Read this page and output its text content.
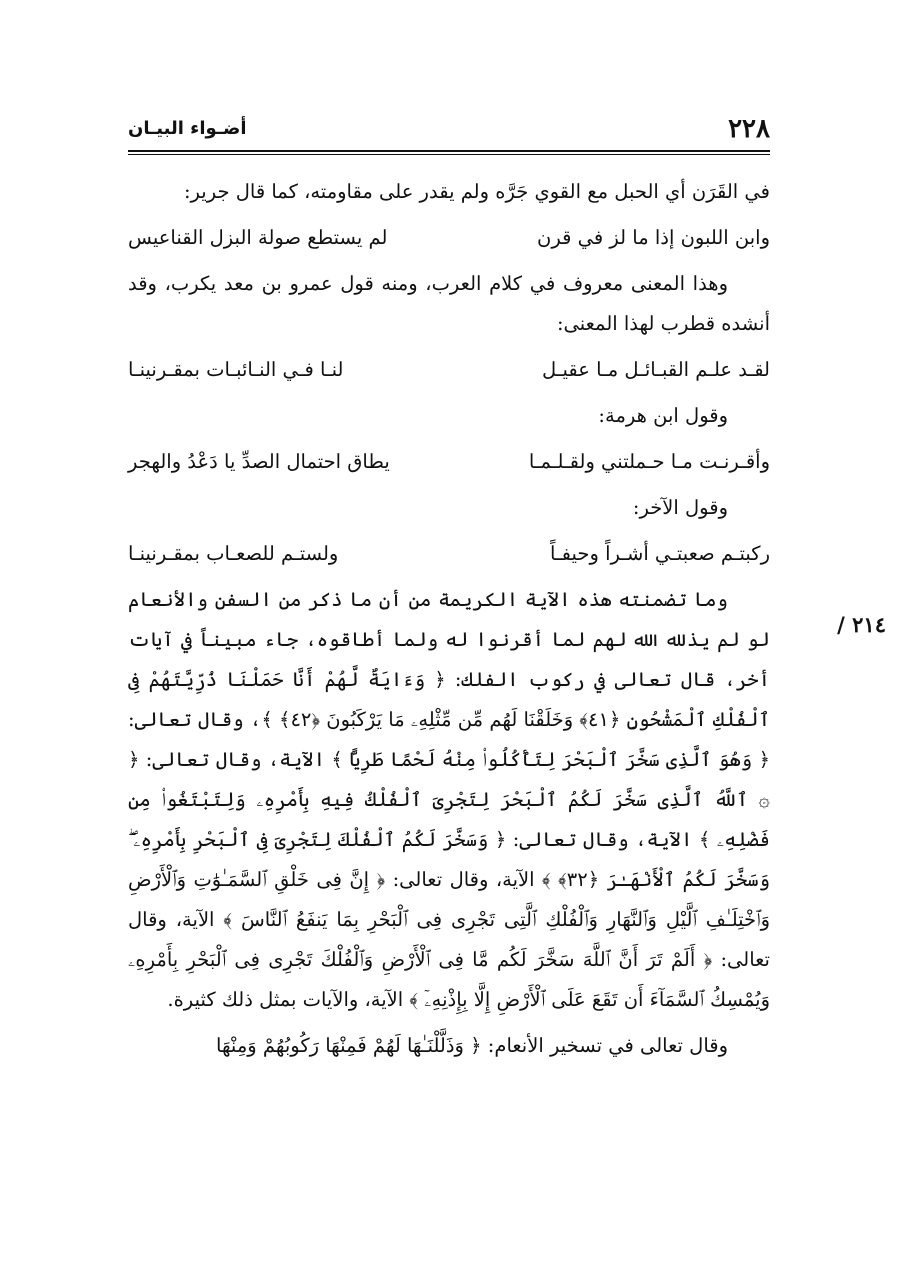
٢٢٨
أضـواء البيـان
٢١٤ /

في القَرَن أي الحبل مع القوي جَرَّه ولم يقدر على مقاومته، كما قال جرير:

وابن اللبون إذا ما لز في قرن
لم يستطع صولة البزل القناعيس

وهذا المعنى معروف في كلام العرب، ومنه قول عمرو بن معد يكرب، وقد أنشده قطرب لهذا المعنى:

لقـد علـم القبـائـل مـا عقيـل
لنـا فـي النـائبـات بمقـرنينـا

وقول ابن هرمة:

وأقـرنـت مـا حـملتني ولقـلـمـا
يطاق احتمال الصدِّ يا دَعْدُ والهجر

وقول الآخر:

ركبتـم صعبتـي أشـراً وحيفـاً
ولستـم للصعـاب بمقـرنينـا

وما تضمنته هذه الآية الكريمة من أن ما ذكر من السفن والأنعام لو لم يذلله الله لهم لما أقرنوا له ولما أطاقوه، جاء مبيناً في آيات أخر، قال تعالى في ركوب الفلك: ﴿ وَءَايَةٌ لَّهُمْ أَنَّا حَمَلْنَا ذُرِّيَّتَهُمْ فِى ٱلْفُلْكِ ٱلْمَشْحُونِ ﴿٤١﴾ وَخَلَقْنَا لَهُم مِّن مِّثْلِهِۦ مَا يَرْكَبُونَ ﴿٤٢﴾ ﴾، وقال تعالى: ﴿ وَهُوَ ٱلَّذِى سَخَّرَ ٱلْبَحْرَ لِتَأْكُلُوا۟ مِنْهُ لَحْمًا طَرِيًّا ﴾ الآية، وقال تعالى: ﴿ ۞ ٱللَّهُ ٱلَّذِى سَخَّرَ لَكُمُ ٱلْبَحْرَ لِتَجْرِىَ ٱلْفُلْكُ فِيهِ بِأَمْرِهِۦ وَلِتَبْتَغُوا۟ مِن فَضْلِهِۦ ﴾ الآية، وقال تعالى: ﴿ وَسَخَّرَ لَكُمُ ٱلْفُلْكَ لِتَجْرِىَ فِى ٱلْبَحْرِ بِأَمْرِهِۦ ۖ وَسَخَّرَ لَكُمُ ٱلْأَنْهَـٰرَ ﴿٣٢﴾ ﴾ الآية، وقال تعالى: ﴿ إِنَّ فِى خَلْقِ ٱلسَّمَـٰوَٰتِ وَٱلْأَرْضِ وَٱخْتِلَـٰفِ ٱلَّيْلِ وَٱلنَّهَارِ وَٱلْفُلْكِ ٱلَّتِى تَجْرِى فِى ٱلْبَحْرِ بِمَا يَنفَعُ ٱلنَّاسَ ﴾ الآية، وقال تعالى: ﴿ أَلَمْ تَرَ أَنَّ ٱللَّهَ سَخَّرَ لَكُم مَّا فِى ٱلْأَرْضِ وَٱلْفُلْكَ تَجْرِى فِى ٱلْبَحْرِ بِأَمْرِهِۦ وَيُمْسِكُ ٱلسَّمَآءَ أَن تَقَعَ عَلَى ٱلْأَرْضِ إِلَّا بِإِذْنِهِۦٓ ﴾ الآية، والآيات بمثل ذلك كثيرة.

وقال تعالى في تسخير الأنعام: ﴿ وَذَلَّلْنَـٰهَا لَهُمْ فَمِنْهَا رَكُوبُهُمْ وَمِنْهَا
